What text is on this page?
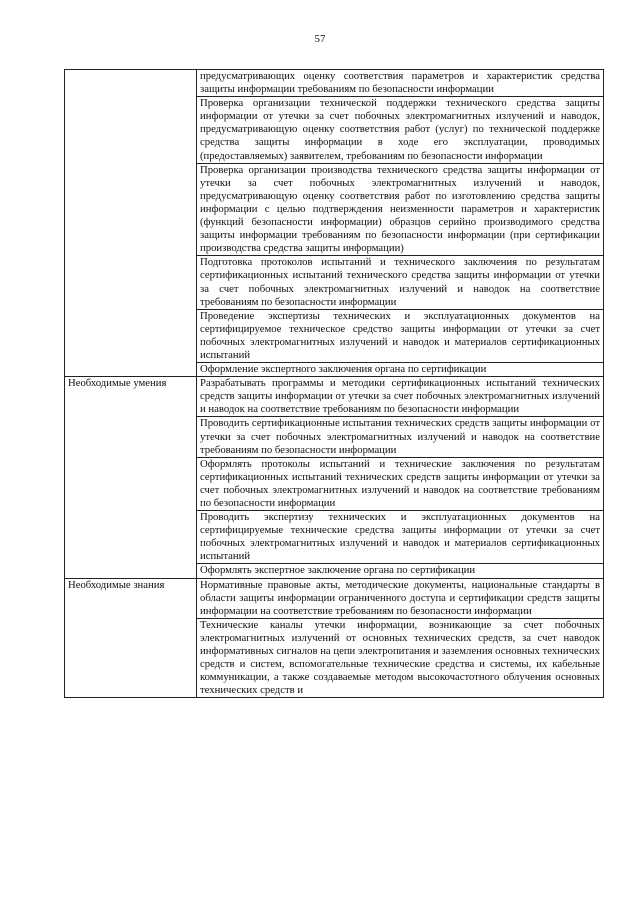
57
	предусматривающих оценку соответствия параметров и характеристик средства защиты информации требованиям по безопасности информации
	Проверка организации технической поддержки технического средства защиты информации от утечки за счет побочных электромагнитных излучений и наводок, предусматривающую оценку соответствия работ (услуг) по технической поддержке средства защиты информации в ходе его эксплуатации, проводимых (предоставляемых) заявителем, требованиям по безопасности информации
	Проверка организации производства технического средства защиты информации от утечки за счет побочных электромагнитных излучений и наводок, предусматривающую оценку соответствия работ по изготовлению средства защиты информации с целью подтверждения неизменности параметров и характеристик (функций безопасности информации) образцов серийно производимого средства защиты информации требованиям по безопасности информации (при сертификации производства средства защиты информации)
	Подготовка протоколов испытаний и технического заключения по результатам сертификационных испытаний технического средства защиты информации от утечки за счет побочных электромагнитных излучений и наводок на соответствие требованиям по безопасности информации
	Проведение экспертизы технических и эксплуатационных документов на сертифицируемое техническое средство защиты информации от утечки за счет побочных электромагнитных излучений и наводок и материалов сертификационных испытаний
	Оформление экспертного заключения органа по сертификации
Необходимые умения	Разрабатывать программы и методики сертификационных испытаний технических средств защиты информации от утечки за счет побочных электромагнитных излучений и наводок на соответствие требованиям по безопасности информации
	Проводить сертификационные испытания технических средств защиты информации от утечки за счет побочных электромагнитных излучений и наводок на соответствие требованиям по безопасности информации
	Оформлять протоколы испытаний и технические заключения по результатам сертификационных испытаний технических средств защиты информации от утечки за счет побочных электромагнитных излучений и наводок на соответствие требованиям по безопасности информации
	Проводить экспертизу технических и эксплуатационных документов на сертифицируемые технические средства защиты информации от утечки за счет побочных электромагнитных излучений и наводок и материалов сертификационных испытаний
	Оформлять экспертное заключение органа по сертификации
Необходимые знания	Нормативные правовые акты, методические документы, национальные стандарты в области защиты информации ограниченного доступа и сертификации средств защиты информации на соответствие требованиям по безопасности информации
	Технические каналы утечки информации, возникающие за счет побочных электромагнитных излучений от основных технических средств, за счет наводок информативных сигналов на цепи электропитания и заземления основных технических средств и систем, вспомогательные технические средства и системы, их кабельные коммуникации, а также создаваемые методом высокочастотного облучения основных технических средств и
